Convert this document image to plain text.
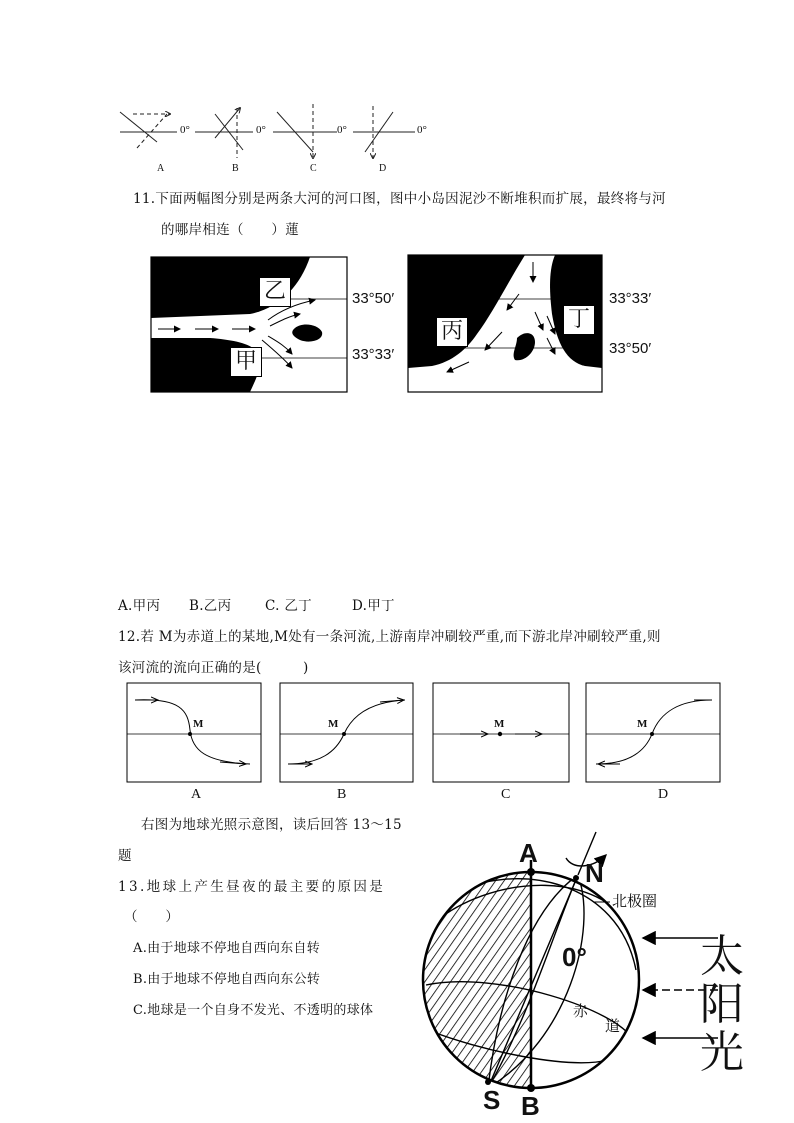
0°	0°	0°	0°
A	B	C	D
11.下面两幅图分别是两条大河的河口图，图中小岛因泥沙不断堆积而扩展，最终将与河
的哪岸相连（　　）蓮
乙
甲
33°50′
33°33′
丙	丁
33°33′
33°50′
A.甲丙 B.乙丙 C. 乙丁	D.甲丁
12.若 M为赤道上的某地,M处有一条河流,上游南岸冲刷较严重,而下游北岸冲刷较严重,则
该河流的流向正确的是(　　　)
M	M	M	M
A	B	C	D
右图为地球光照示意图，读后回答 13～15
题
13.地球上产生昼夜的最主要的原因是
（　　）
A.由于地球不停地自西向东自转
B.由于地球不停地自西向东公转
C.地球是一个自身不发光、不透明的球体
A
B
N
S
北极圈
0°
赤
道
太
阳
光
